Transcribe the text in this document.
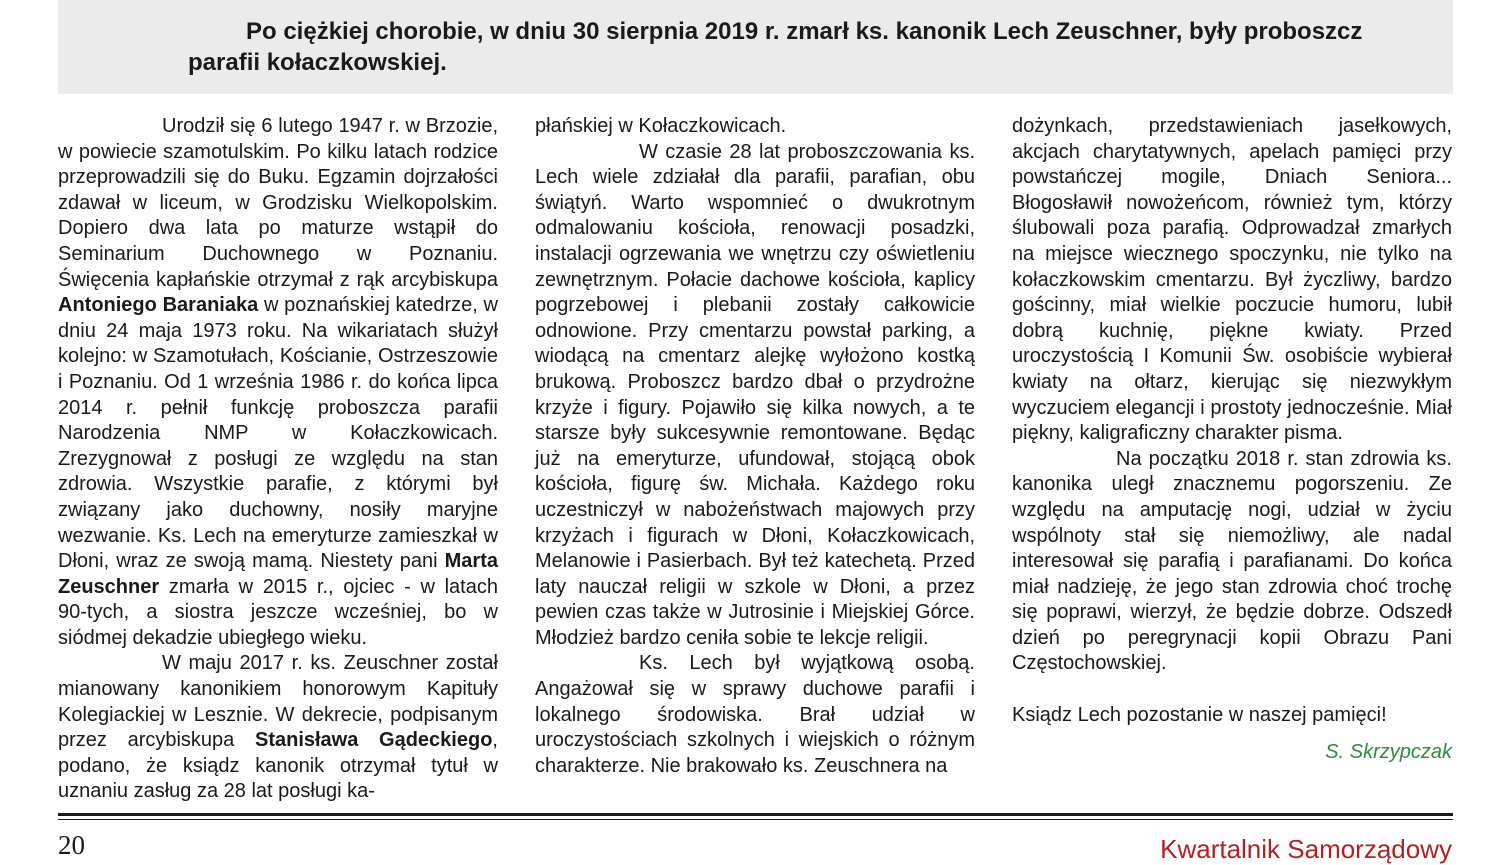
Po ciężkiej chorobie, w dniu 30 sierpnia 2019 r. zmarł ks. kanonik Lech Zeuschner, były proboszcz parafii kołaczkowskiej.

Urodził się 6 lutego 1947 r. w Brzozie, w powiecie szamotulskim. Po kilku latach rodzice przeprowadzili się do Buku. Egzamin dojrzałości zdawał w liceum, w Grodzisku Wielkopolskim. Dopiero dwa lata po maturze wstąpił do Seminarium Duchownego w Poznaniu. Święcenia kapłańskie otrzymał z rąk arcybiskupa Antoniego Baraniaka w poznańskiej katedrze, w dniu 24 maja 1973 roku. Na wikariatach służył kolejno: w Szamotułach, Kościanie, Ostrzeszowie i Poznaniu. Od 1 września 1986 r. do końca lipca 2014 r. pełnił funkcję proboszcza parafii Narodzenia NMP w Kołaczkowicach. Zrezygnował z posługi ze względu na stan zdrowia. Wszystkie parafie, z którymi był związany jako duchowny, nosiły maryjne wezwanie. Ks. Lech na emeryturze zamieszkał w Dłoni, wraz ze swoją mamą. Niestety pani Marta Zeuschner zmarła w 2015 r., ojciec - w latach 90-tych, a siostra jeszcze wcześniej, bo w siódmej dekadzie ubiegłego wieku.

W maju 2017 r. ks. Zeuschner został mianowany kanonikiem honorowym Kapituły Kolegiackiej w Lesznie. W dekrecie, podpisanym przez arcybiskupa Stanisława Gądeckiego, podano, że ksiądz kanonik otrzymał tytuł w uznaniu zasług za 28 lat posługi ka-

płańskiej w Kołaczkowicach.

W czasie 28 lat proboszczowania ks. Lech wiele zdziałał dla parafii, parafian, obu świątyń. Warto wspomnieć o dwukrotnym odmalowaniu kościoła, renowacji posadzki, instalacji ogrzewania we wnętrzu czy oświetleniu zewnętrznym. Połacie dachowe kościoła, kaplicy pogrzebowej i plebanii zostały całkowicie odnowione. Przy cmentarzu powstał parking, a wiodącą na cmentarz alejkę wyłożono kostką brukową. Proboszcz bardzo dbał o przydrożne krzyże i figury. Pojawiło się kilka nowych, a te starsze były sukcesywnie remontowane. Będąc już na emeryturze, ufundował, stojącą obok kościoła, figurę św. Michała. Każdego roku uczestniczył w nabożeństwach majowych przy krzyżach i figurach w Dłoni, Kołaczkowicach, Melanowie i Pasierbach. Był też katechetą. Przed laty nauczał religii w szkole w Dłoni, a przez pewien czas także w Jutrosinie i Miejskiej Górce. Młodzież bardzo ceniła sobie te lekcje religii.

Ks. Lech był wyjątkową osobą. Angażował się w sprawy duchowe parafii i lokalnego środowiska. Brał udział w uroczystościach szkolnych i wiejskich o różnym charakterze. Nie brakowało ks. Zeuschnera na

dożynkach, przedstawieniach jasełkowych, akcjach charytatywnych, apelach pamięci przy powstańczej mogile, Dniach Seniora... Błogosławił nowożeńcom, również tym, którzy ślubowali poza parafią. Odprowadzał zmarłych na miejsce wiecznego spoczynku, nie tylko na kołaczkowskim cmentarzu. Był życzliwy, bardzo gościnny, miał wielkie poczucie humoru, lubił dobrą kuchnię, piękne kwiaty. Przed uroczystością I Komunii Św. osobiście wybierał kwiaty na ołtarz, kierując się niezwykłym wyczuciem elegancji i prostoty jednocześnie. Miał piękny, kaligraficzny charakter pisma.

Na początku 2018 r. stan zdrowia ks. kanonika uległ znacznemu pogorszeniu. Ze względu na amputację nogi, udział w życiu wspólnoty stał się niemożliwy, ale nadal interesował się parafią i parafianami. Do końca miał nadzieję, że jego stan zdrowia choć trochę się poprawi, wierzył, że będzie dobrze. Odszedł dzień po peregrynacji kopii Obrazu Pani Częstochowskiej.

Ksiądz Lech pozostanie w naszej pamięci!

S. Skrzypczak

20	Kwartalnik Samorządowy
